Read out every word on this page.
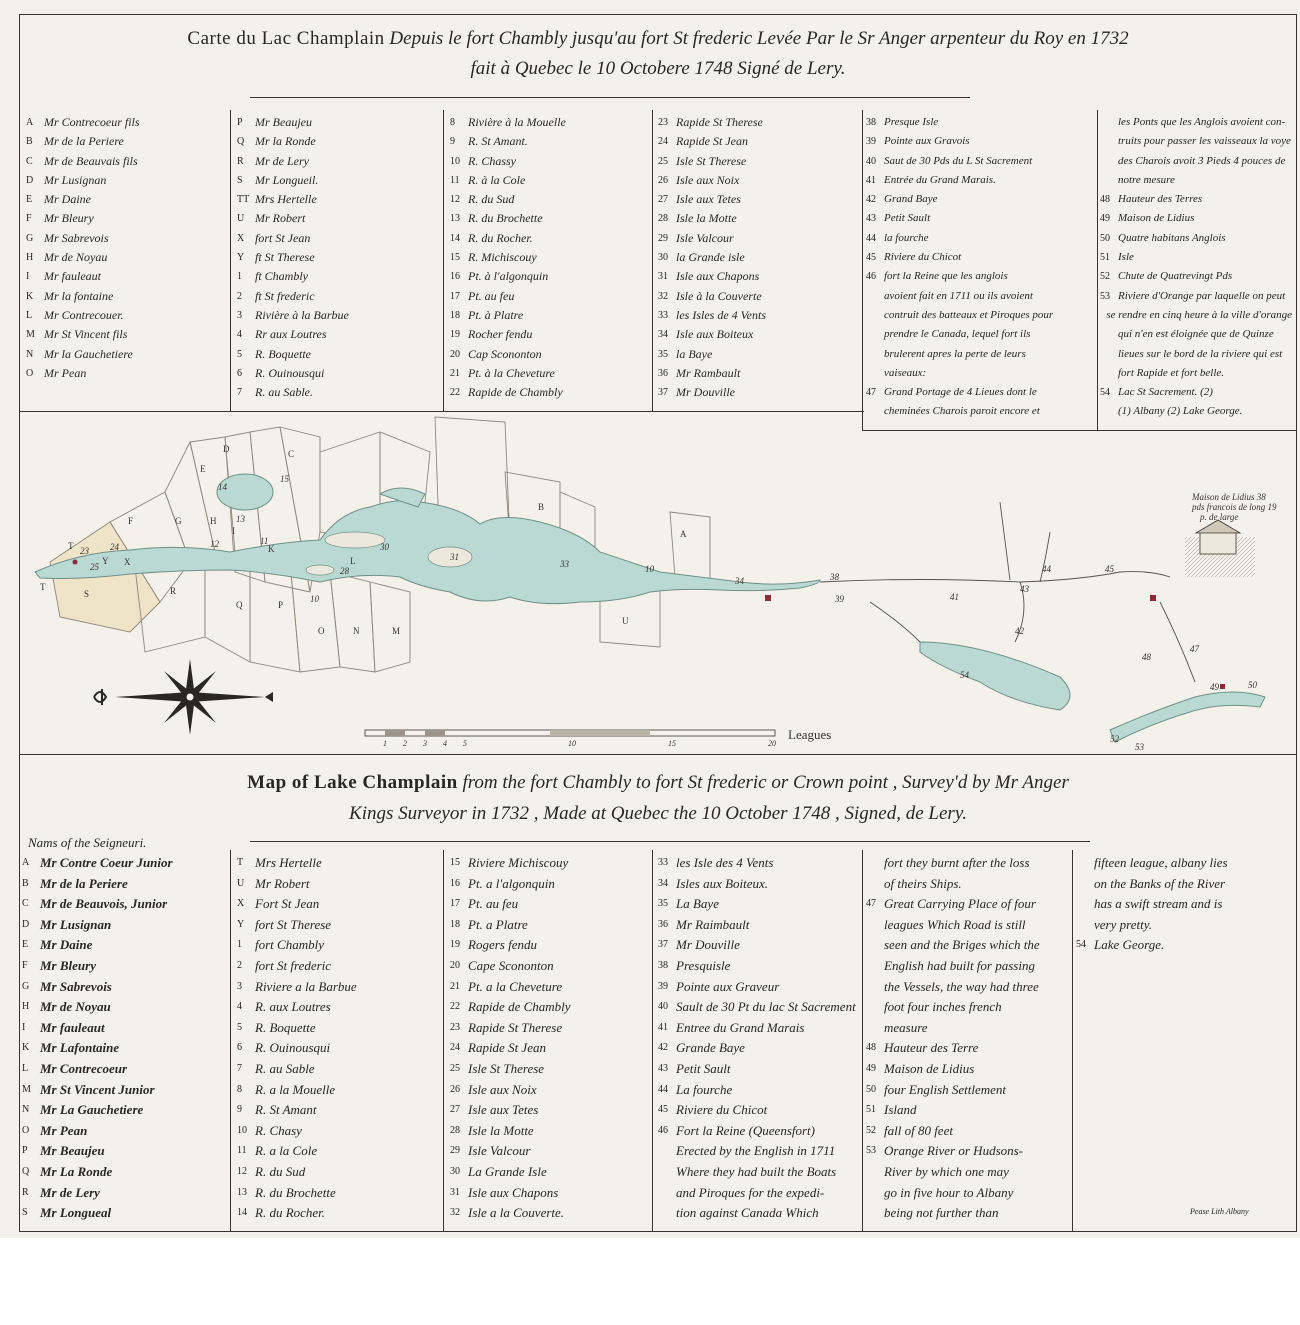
Carte du Lac Champlain Depuis le fort Chambly jusqu'au fort St frederic Levée Par le Sr Anger arpenteur du Roy en 1732
fait à Quebec le 10 Octobere 1748 Signé de Lery.
A Mr Contrecoeur fils
B Mr de la Periere
C Mr de Beauvais fils
D Mr Lusignan
E Mr Daine
F	Mr Bleury
G Mr Sabrevois
H Mr de Noyau
I	Mr fauleaut
K Mr la fontaine
L Mr Contrecouer.
M Mr St Vincent fils
N Mr la Gauchetiere
O Mr Pean
P	Mr Beaujeu
Q Mr la Ronde
R Mr de Lery
S	Mr Longueil.
TT Mrs Hertelle
U Mr Robert
X fort St Jean
Y ft St Therese
1	ft Chambly
2	ft St frederic
3	Rivière à la Barbue
4	Rr aux Loutres
5	R. Boquette
6	R. Ouinousqui
7	R. au Sable.
8	Rivière à la Mouelle
9	R. St Amant.
10 R. Chassy
11 R. à la Cole
12 R. du Sud
13 R. du Brochette
14 R. du Rocher.
15 R. Michiscouy
16 Pt. à l'algonquin
17 Pt. au feu
18 Pt. à Platre
19 Rocher fendu
20 Cap Scononton
21 Pt. à la Cheveture
22 Rapide de Chambly
23 Rapide St Therese
24 Rapide St Jean
25 Isle St Therese
26 Isle aux Noix
27 Isle aux Tetes
28 Isle la Motte
29 Isle Valcour
30 la Grande isle
31 Isle aux Chapons
32 Isle à la Couverte
33 les Isles de 4 Vents
34 Isle aux Boiteux
35 la Baye
36 Mr Rambault
37 Mr Douville
38 Presque Isle
39 Pointe aux Gravois
40 Saut de 30 Pds du L St Sacrement
41 Entrée du Grand Marais.
42 Grand Baye
43 Petit Sault
44 la fourche
45 Riviere du Chicot
46 fort la Reine que les anglois
avoient fait en 1711 ou ils avoient
contruit des batteaux et Piroques pour
prendre le Canada, lequel fort ils
brulerent apres la perte de leurs
vaiseaux:
47 Grand Portage de 4 Lieues dont le
cheminées Charois paroit encore et
les Ponts que les Anglois avoient con-
truits pour passer les vaisseaux la voye
des Charois avoit 3 Pieds 4 pouces de
notre mesure
48 Hauteur des Terres
49 Maison de Lidius
50 Quatre habitans Anglois
51 Isle
52 Chute de Quatrevingt Pds
53 Riviere d'Orange par laquelle on peut
se rendre en cinq heure à la ville d'orange
qui n'en est éloignée que de Quinze
lieues sur le bord de la riviere qui est
fort Rapide et fort belle.
54 Lac St Sacrement. (2)
(1) Albany (2) Lake George.
A
B
C
D
E
F	G	H
I
K
L
M
N
O
P
Q
R
S
T
T
U
X
Y
15
14
13
12	11
10
30
28
31
33	10
34	38
39	41
42
43
44	45
48
47
49	50
52
53
54
24
23
25
Maison de Lidius 38
pds francois de long 19
p. de large
1 2 3 4 5	10	15	20
Leagues
Map of Lake Champlain from the fort Chambly to fort St frederic or Crown point , Survey'd by Mr Anger
Kings Surveyor in 1732 , Made at Quebec the 10 October 1748 , Signed, de Lery.
Nams of the Seigneuri.
A Mr Contre Coeur Junior
B Mr de la Periere
C Mr de Beauvois, Junior
D Mr Lusignan
E Mr Daine
F Mr Bleury
G Mr Sabrevois
H Mr de Noyau
I	Mr fauleaut
K Mr Lafontaine
L Mr Contrecoeur
M Mr St Vincent Junior
N Mr La Gauchetiere
O Mr Pean
P Mr Beaujeu
Q Mr La Ronde
R Mr de Lery
S Mr Longueal
T Mrs Hertelle
U Mr Robert
X Fort St Jean
Y fort St Therese
1	fort Chambly
2	fort St frederic
3	Riviere a la Barbue
4	R. aux Loutres
5	R. Boquette
6	R. Ouinousqui
7	R. au Sable
8	R. a la Mouelle
9	R. St Amant
10 R. Chasy
11 R. a la Cole
12 R. du Sud
13 R. du Brochette
14 R. du Rocher.
15 Riviere Michiscouy
16 Pt. a l'algonquin
17 Pt. au feu
18 Pt. a Platre
19 Rogers fendu
20 Cape Scononton
21 Pt. a la Cheveture
22 Rapide de Chambly
23 Rapide St Therese
24 Rapide St Jean
25 Isle St Therese
26 Isle aux Noix
27 Isle aux Tetes
28 Isle la Motte
29 Isle Valcour
30 La Grande Isle
31 Isle aux Chapons
32 Isle a la Couverte.
33 les Isle des 4 Vents
34 Isles aux Boiteux.
35 La Baye
36 Mr Raimbault
37 Mr Douville
38 Presquisle
39 Pointe aux Graveur
40 Sault de 30 Pt du lac St Sacrement
41 Entree du Grand Marais
42 Grande Baye
43 Petit Sault
44 La fourche
45 Riviere du Chicot
46 Fort la Reine (Queensfort)
Erected by the English in 1711
Where they had built the Boats
and Piroques for the expedi-
tion against Canada Which
fort they burnt after the loss
of theirs Ships.
47 Great Carrying Place of four
leagues Which Road is still
seen and the Briges which the
English had built for passing
the Vessels, the way had three
foot four inches french
measure
48 Hauteur des Terre
49 Maison de Lidius
50 four English Settlement
51 Island
52 fall of 80 feet
53 Orange River or Hudsons-
River by which one may
go in five hour to Albany
being not further than
fifteen league, albany lies
on the Banks of the River
has a swift stream and is
very pretty.
54 Lake George.
Pease Lith Albany
